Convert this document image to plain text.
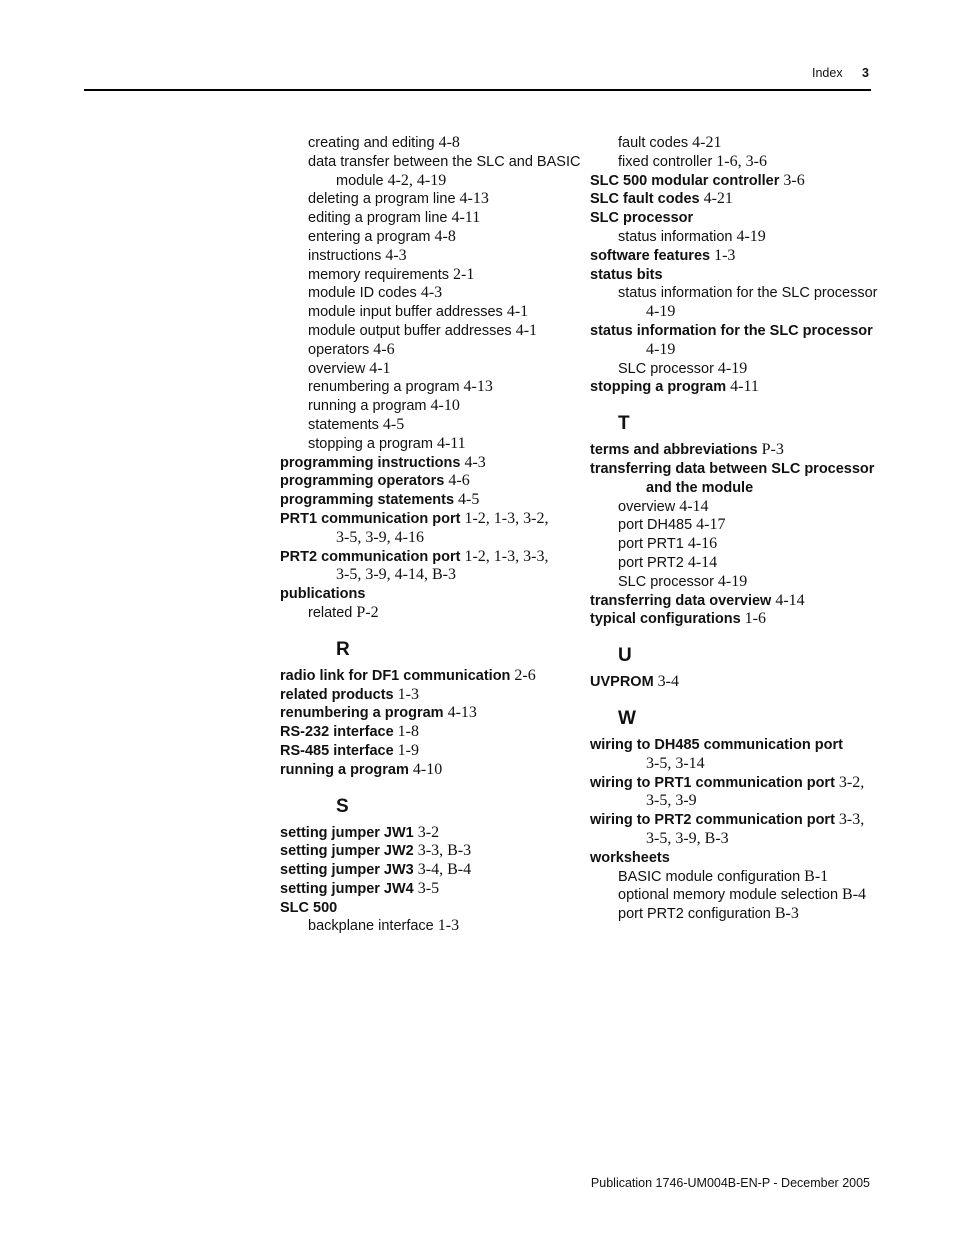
Index 3
creating and editing 4-8
data transfer between the SLC and BASIC
module 4-2, 4-19
deleting a program line 4-13
editing a program line 4-11
entering a program 4-8
instructions 4-3
memory requirements 2-1
module ID codes 4-3
module input buffer addresses 4-1
module output buffer addresses 4-1
operators 4-6
overview 4-1
renumbering a program 4-13
running a program 4-10
statements 4-5
stopping a program 4-11
programming instructions 4-3
programming operators 4-6
programming statements 4-5
PRT1 communication port 1-2, 1-3, 3-2,
3-5, 3-9, 4-16
PRT2 communication port 1-2, 1-3, 3-3,
3-5, 3-9, 4-14, B-3
publications
related P-2
R
radio link for DF1 communication 2-6
related products 1-3
renumbering a program 4-13
RS-232 interface 1-8
RS-485 interface 1-9
running a program 4-10
S
setting jumper JW1 3-2
setting jumper JW2 3-3, B-3
setting jumper JW3 3-4, B-4
setting jumper JW4 3-5
SLC 500
backplane interface 1-3
fault codes 4-21
fixed controller 1-6, 3-6
SLC 500 modular controller 3-6
SLC fault codes 4-21
SLC processor
status information 4-19
software features 1-3
status bits
status information for the SLC processor
4-19
status information for the SLC processor
4-19
SLC processor 4-19
stopping a program 4-11
T
terms and abbreviations P-3
transferring data between SLC processor
and the module
overview 4-14
port DH485 4-17
port PRT1 4-16
port PRT2 4-14
SLC processor 4-19
transferring data overview 4-14
typical configurations 1-6
U
UVPROM 3-4
W
wiring to DH485 communication port
3-5, 3-14
wiring to PRT1 communication port 3-2,
3-5, 3-9
wiring to PRT2 communication port 3-3,
3-5, 3-9, B-3
worksheets
BASIC module configuration B-1
optional memory module selection B-4
port PRT2 configuration B-3
Publication 1746-UM004B-EN-P - December 2005
